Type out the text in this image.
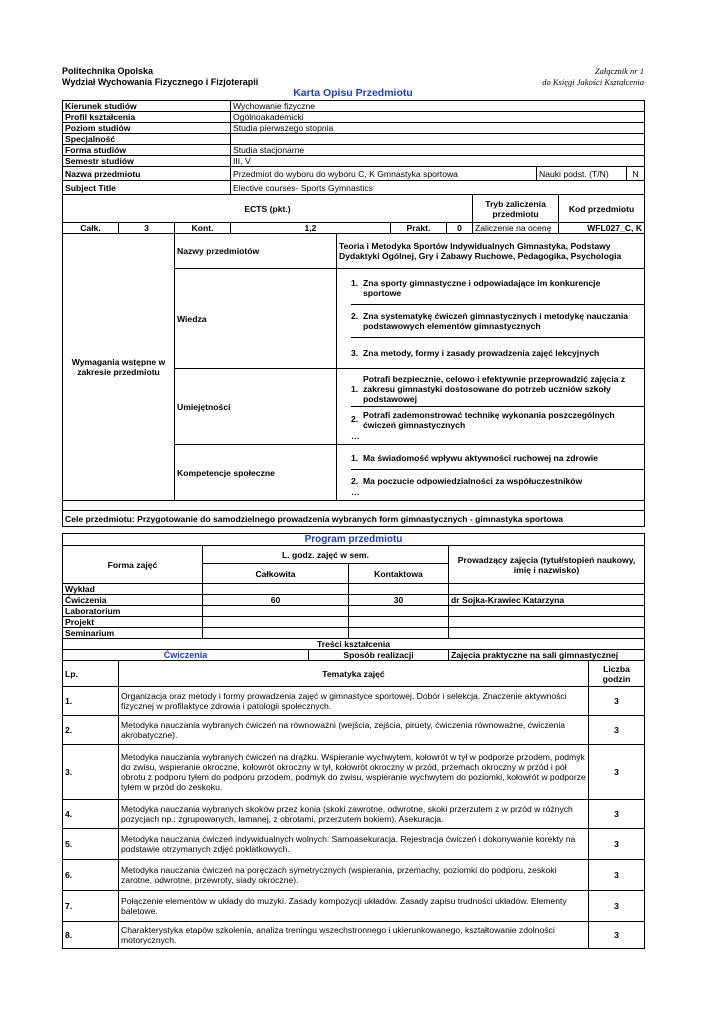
Politechnika Opolska
Wydział Wychowania Fizycznego i Fizjoterapii
Załącznik nr 1
do Księgi Jakości Kształcenia
Karta Opisu Przedmiotu
Kierunek studiów	Wychowanie fizyczne		
Profil kształcenia	Ogólnoakademicki		
Poziom studiów	Studia pierwszego stopnia		
Specjalność			
Forma studiów	Studia stacjonarne		
Semestr studiów	III, V		
Nazwa przedmiotu	Przedmiot do wyboru do wyboru C, K Gmnastyka sportowa	Nauki podst. (T/N)	N
Subject Title	Elective courses- Sports Gymnastics		
ECTS (pkt.)						Tryb zaliczenia przedmiotu	Kod przedmiotu
Całk.	3	Kont.	1,2	Prakt.	0	Zaliczenie na ocenę	WFL027_C, K
Wymagania wstępne w zakresie przedmiotu	Nazwy przedmiotów	Teoria i Metodyka Sportów Indywidualnych Gimnastyka, Podstawy Dydaktyki Ogólnej, Gry i Zabawy Ruchowe, Pedagogika, Psychologia
	Wiedza	1. Zna sporty gimnastyczne i odpowiadające im konkurencje sportowe
2. Zna systematykę ćwiczeń gimnastycznych i metodykę nauczania podstawowych elementów gimnastycznych
3. Zna metody, formy i zasady prowadzenia zajęć lekcyjnych

	Umiejętności	1.Potrafi bezpiecznie, celowo i efektywnie przeprowadzić zajęcia z zakresu gimnastyki dostosowane do potrzeb uczniów szkoły podstawowej
2. Potrafi zademonstrować technikę wykonania poszczególnych ćwiczeń gimnastycznych
…

	Kompetencje społeczne	1. Ma świadomość wpływu aktywności ruchowej na zdrowie
2. Ma poczucie odpowiedzialności za współuczestników
…

Cele przedmiotu: Przygotowanie do samodzielnego prowadzenia wybranych form gimnastycznych - gimnastyka sportowa		
Program przedmiotu			
Forma zajęć	L. godz. zajęć w sem.		Prowadzący zajęcia (tytuł/stopień naukowy, imię i nazwisko)
	Całkowita	Kontaktowa	
Wykład			
Ćwiczenia	60	30	dr Sojka-Krawiec Katarzyna
Laboratorium			
Projekt			
Seminarium			
Treści kształcenia				
Ćwiczenia		Sposób realizacji	Zajęcia praktyczne na sali gimnastycznej	
Lp.	Tematyka zajęć			Liczba godzin
1.	Organizacja oraz metody i formy prowadzenia zajęć w gimnastyce sportowej. Dobór i selekcja. Znaczenie aktywności fizycznej w profilaktyce zdrowia i patologii społecznych.			3
2.	Metodyka nauczania wybranych ćwiczeń na równoważni (wejścia, zejścia, piruety, ćwiczenia równoważne, ćwiczenia akrobatyczne).			3
3.	Metodyka nauczania wybranych ćwiczeń na drążku. Wspieranie wychwytem, kołowrót w tył w podporze przodem, podmyk do zwisu, wspieranie okroczne, kołowrót okroczny w tył, kołowrót okroczny w przód, przemach okroczny w przód i pół obrotu z podporu tyłem do podporu przodem, podmyk do zwisu, wspieranie wychwytem do poziomki, kołowrót w podporze tyłem w przód do zeskoku.			3
4.	Metodyka nauczania wybranych skoków przez konia (skoki zawrotne, odwrotne, skoki przerzutem z w przód w różnych pozycjach np.: zgrupowanych, łamanej, z obrotami, przerzutem bokiem). Asekuracja.			3
5.	Metodyka nauczania ćwiczeń indywidualnych wolnych. Samoasekuracja. Rejestracja ćwiczeń i dokonywanie korekty na podstawie otrzymanych zdjęć poklatkowych.			3
6.	Metodyka nauczania ćwiczeń na poręczach symetrycznych (wspierania, przemachy, poziomki do podporu, zeskoki zarotne, odwrotne, przewroty, siady okroczne).			3
7.	Połączenie elementów w układy do muzyki. Zasady kompozycji układów. Zasady zapisu trudności układów. Elementy baletowe.			3
8.	Charakterystyka etapów szkolenia, analiza treningu wszechstronnego i ukierunkowanego, kształtowanie zdolności motorycznych.			3
